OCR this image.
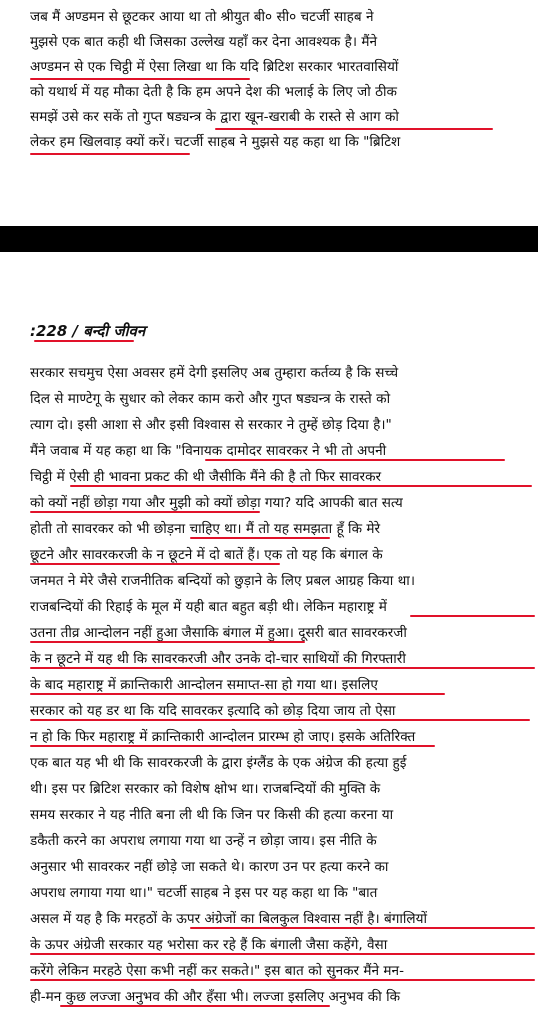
जब मैं अण्डमन से छूटकर आया था तो श्रीयुत बी० सी० चटर्जी साहब ने
मुझसे एक बात कही थी जिसका उल्लेख यहाँ कर देना आवश्यक है। मैंने
अण्डमन से एक चिट्ठी में ऐसा लिखा था कि यदि ब्रिटिश सरकार भारतवासियों
को यथार्थ में यह मौका देती है कि हम अपने देश की भलाई के लिए जो ठीक
समझें उसे कर सकें तो गुप्त षड्यन्त्र के द्वारा खून-खराबी के रास्ते से आग को
लेकर हम खिलवाड़ क्यों करें। चटर्जी साहब ने मुझसे यह कहा था कि "ब्रिटिश
:228 / बन्दी जीवन
सरकार सचमुच ऐसा अवसर हमें देगी इसलिए अब तुम्हारा कर्तव्य है कि सच्चे
दिल से माण्टेगू के सुधार को लेकर काम करो और गुप्त षड्यन्त्र के रास्ते को
त्याग दो। इसी आशा से और इसी विश्वास से सरकार ने तुम्हें छोड़ दिया है।"
मैंने जवाब में यह कहा था कि "विनायक दामोदर सावरकर ने भी तो अपनी
चिट्ठी में ऐसी ही भावना प्रकट की थी जैसीकि मैंने की है तो फिर सावरकर
को क्यों नहीं छोड़ा गया और मुझी को क्यों छोड़ा गया? यदि आपकी बात सत्य
होती तो सावरकर को भी छोड़ना चाहिए था। मैं तो यह समझता हूँ कि मेरे
छूटने और सावरकरजी के न छूटने में दो बातें हैं। एक तो यह कि बंगाल के
जनमत ने मेरे जैसे राजनीतिक बन्दियों को छुड़ाने के लिए प्रबल आग्रह किया था।
राजबन्दियों की रिहाई के मूल में यही बात बहुत बड़ी थी। लेकिन महाराष्ट्र में
उतना तीव्र आन्दोलन नहीं हुआ जैसाकि बंगाल में हुआ। दूसरी बात सावरकरजी
के न छूटने में यह थी कि सावरकरजी और उनके दो-चार साथियों की गिरफ्तारी
के बाद महाराष्ट्र में क्रान्तिकारी आन्दोलन समाप्त-सा हो गया था। इसलिए
सरकार को यह डर था कि यदि सावरकर इत्यादि को छोड़ दिया जाय तो ऐसा
न हो कि फिर महाराष्ट्र में क्रान्तिकारी आन्दोलन प्रारम्भ हो जाए। इसके अतिरिक्त
एक बात यह भी थी कि सावरकरजी के द्वारा इंग्लैंड के एक अंग्रेज की हत्या हुई
थी। इस पर ब्रिटिश सरकार को विशेष क्षोभ था। राजबन्दियों की मुक्ति के
समय सरकार ने यह नीति बना ली थी कि जिन पर किसी की हत्या करना या
डकैती करने का अपराध लगाया गया था उन्हें न छोड़ा जाय। इस नीति के
अनुसार भी सावरकर नहीं छोड़े जा सकते थे। कारण उन पर हत्या करने का
अपराध लगाया गया था।" चटर्जी साहब ने इस पर यह कहा था कि "बात
असल में यह है कि मरहठों के ऊपर अंग्रेजों का बिलकुल विश्वास नहीं है। बंगालियों
के ऊपर अंग्रेजी सरकार यह भरोसा कर रहे हैं कि बंगाली जैसा कहेंगे, वैसा
करेंगे लेकिन मरहठे ऐसा कभी नहीं कर सकते।" इस बात को सुनकर मैंने मन-
ही-मन कुछ लज्जा अनुभव की और हँसा भी। लज्जा इसलिए अनुभव की कि
